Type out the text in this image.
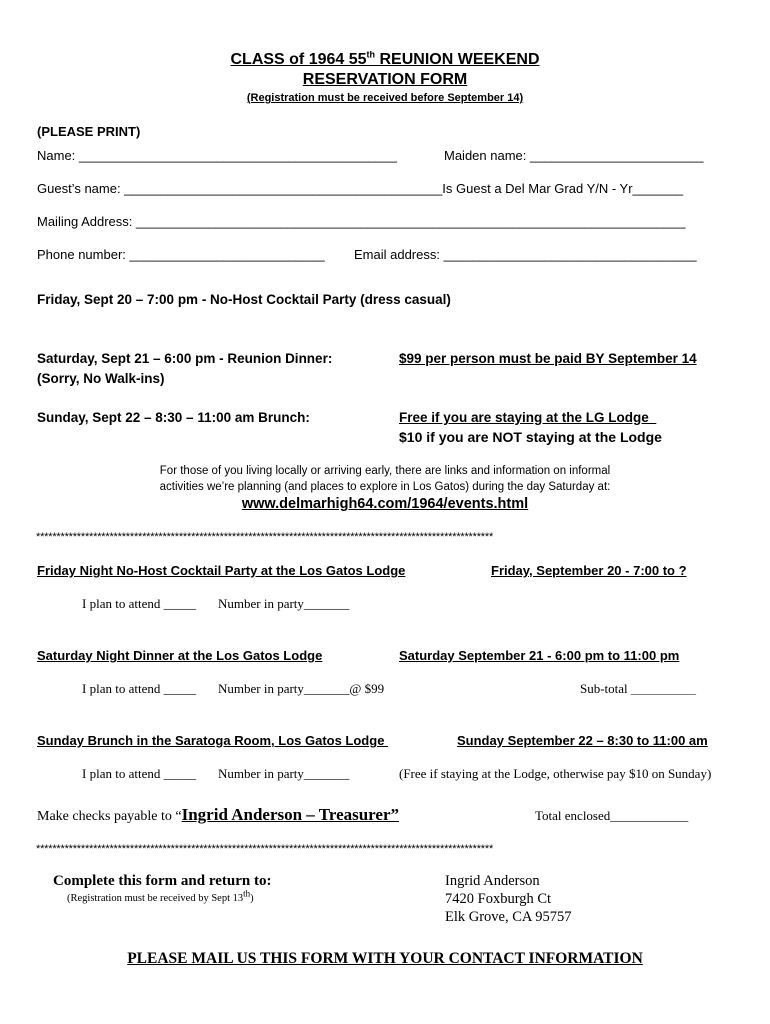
CLASS of 1964 55th REUNION WEEKEND
RESERVATION FORM
(Registration must be received before September 14)
(PLEASE PRINT)
Name: ____________________________________________	Maiden name: ________________________
Guest’s name: ____________________________________________Is Guest a Del Mar Grad Y/N - Yr_______
Mailing Address: ____________________________________________________________________________
Phone number: ___________________________ Email address: ___________________________________
Friday, Sept 20 – 7:00 pm - No-Host Cocktail Party (dress casual)
Saturday, Sept 21 – 6:00 pm - Reunion Dinner:
(Sorry, No Walk-ins)
$99 per person must be paid BY September 14
Sunday, Sept 22 – 8:30 – 11:00 am Brunch:	Free if you are staying at the LG Lodge
$10 if you are NOT staying at the Lodge
For those of you living locally or arriving early, there are links and information on informal
activities we’re planning (and places to explore in Los Gatos) during the day Saturday at:
www.delmarhigh64.com/1964/events.html
****************************************************************************************************************
Friday Night No-Host Cocktail Party at the Los Gatos Lodge	Friday, September 20 - 7:00 to ?
I plan to attend _____ Number in party_______
Saturday Night Dinner at the Los Gatos Lodge	Saturday September 21 - 6:00 pm to 11:00 pm
I plan to attend _____ Number in party_______@ $99	Sub-total _________
Sunday Brunch in the Saratoga Room, Los Gatos Lodge	Sunday September 22 – 8:30 to 11:00 am
I plan to attend _____ Number in party_______	(Free if staying at the Lodge, otherwise pay $10 on Sunday)
Make checks payable to “Ingrid Anderson – Treasurer”	Total enclosed____________
****************************************************************************************************************
Complete this form and return to:
(Registration must be received by Sept 13th)
Ingrid Anderson
7420 Foxburgh Ct
Elk Grove, CA 95757
PLEASE MAIL US THIS FORM WITH YOUR CONTACT INFORMATION
